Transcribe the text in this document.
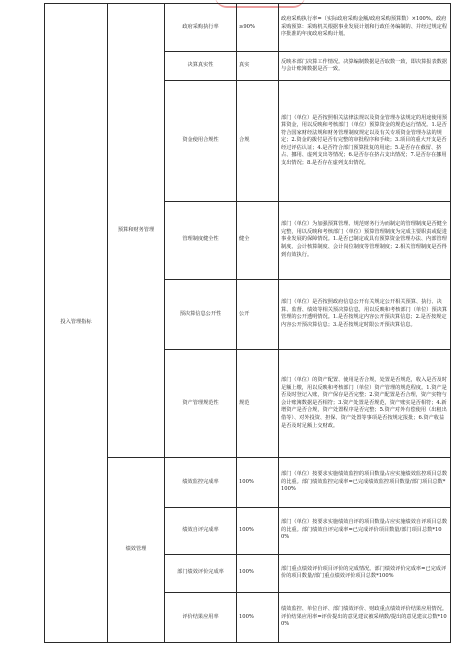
投入管理指标	预算和财务管理	政府采购执行率	≥90%	政府采购执行率=（实际政府采购金额/政府采购预算数）×100%。政府采购预算：采购机关根据事业发展计划和行政任务编制的、并经过规定程序批准的年度政府采购计划。
		决算真实性	真实	反映本部门决算工作情况。决算编制数据是否取数一致，即决算报表数据与会计账簿数据是否一致。
		资金使用合规性	合规	部门（单位）是否按照相关法律法规以及资金管理办法规定的用途使用预算资金，用以反映和考核部门（单位）预算资金的规范运行情况。1.是否符合国家财经法规和财务管理制度规定以及有关专项资金管理办法的规定；2.资金的拨付是否有完整的审批程序和手续；3.项目的重大开支是否经过评估认证；4.是否符合部门预算批复的用途；5.是否存在截留、挤占、挪用、虚列支出等情况；6.是否存在挤占支出情况；7.是否存在挪用支出情况；8.是否存在虚列支出情况。
		管理制度健全性	健全	部门（单位）为加强预算管理、规范财务行为而制定的管理制度是否健全完整，用以反映和考核部门（单位）预算管理制度为完成主要职责或促进事业发展的保障情况。1.是否已制定或具有预算资金管理办法、内部管理制度、会计核算制度、会计岗位制度等管理制度；2.相关管理制度是否得到有效执行。
		预决算信息公开性	公开	部门（单位）是否按照政府信息公开有关规定公开相关预算、执行、决算、监督、绩效等相关预决算信息，用以反映和考核部门（单位）预决算管理的公开透明情况。1.是否按规定内容公开预决算信息；2.是否按规定内容公开预决算信息；3.是否按规定时限公开预决算信息。
		资产管理规范性	规范	部门（单位）的资产配置、使用是否合规，处置是否规范，收入是否及时足额上缴，用以反映和考核部门（单位）资产管理的规范程度。1.资产是否及时登记入账，资产保存是否完整；2.资产配置是否合理，资产实物与会计账簿数据是否相符；3.资产处置是否规范，资产账实是否相符；4.新增资产是否合规，资产处置程序是否完整；5.资产对外有偿使用（出租出借等）、对外投资、担保、资产处置等事项是否按规定报批；6.资产收益是否及时足额上交财政。
	绩效管理	绩效监控完成率	100%	部门（单位）按要求实施绩效监控的项目数量占应实施绩效监控项目总数的比重。部门绩效监控完成率=已完成绩效监控项目数量/部门项目总数*100%
		绩效自评完成率	100%	部门（单位）按要求实施绩效自评的项目数量占应实施绩效自评项目总数的比重。部门绩效自评完成率=已完成评价项目数量/部门项目总数*100%
		部门绩效评价完成率	100%	部门重点绩效评价项目评价的完成情况。部门绩效评价完成率=已完成评价的项目数量/部门重点绩效评价项目总数*100%
		评价结果应用率	100%	绩效监控、单位自评、部门绩效评价、财政重点绩效评价结果应用情况。评价结果应用率=评价提出的意见建议被采纳数/提出的意见建议总数*100%
